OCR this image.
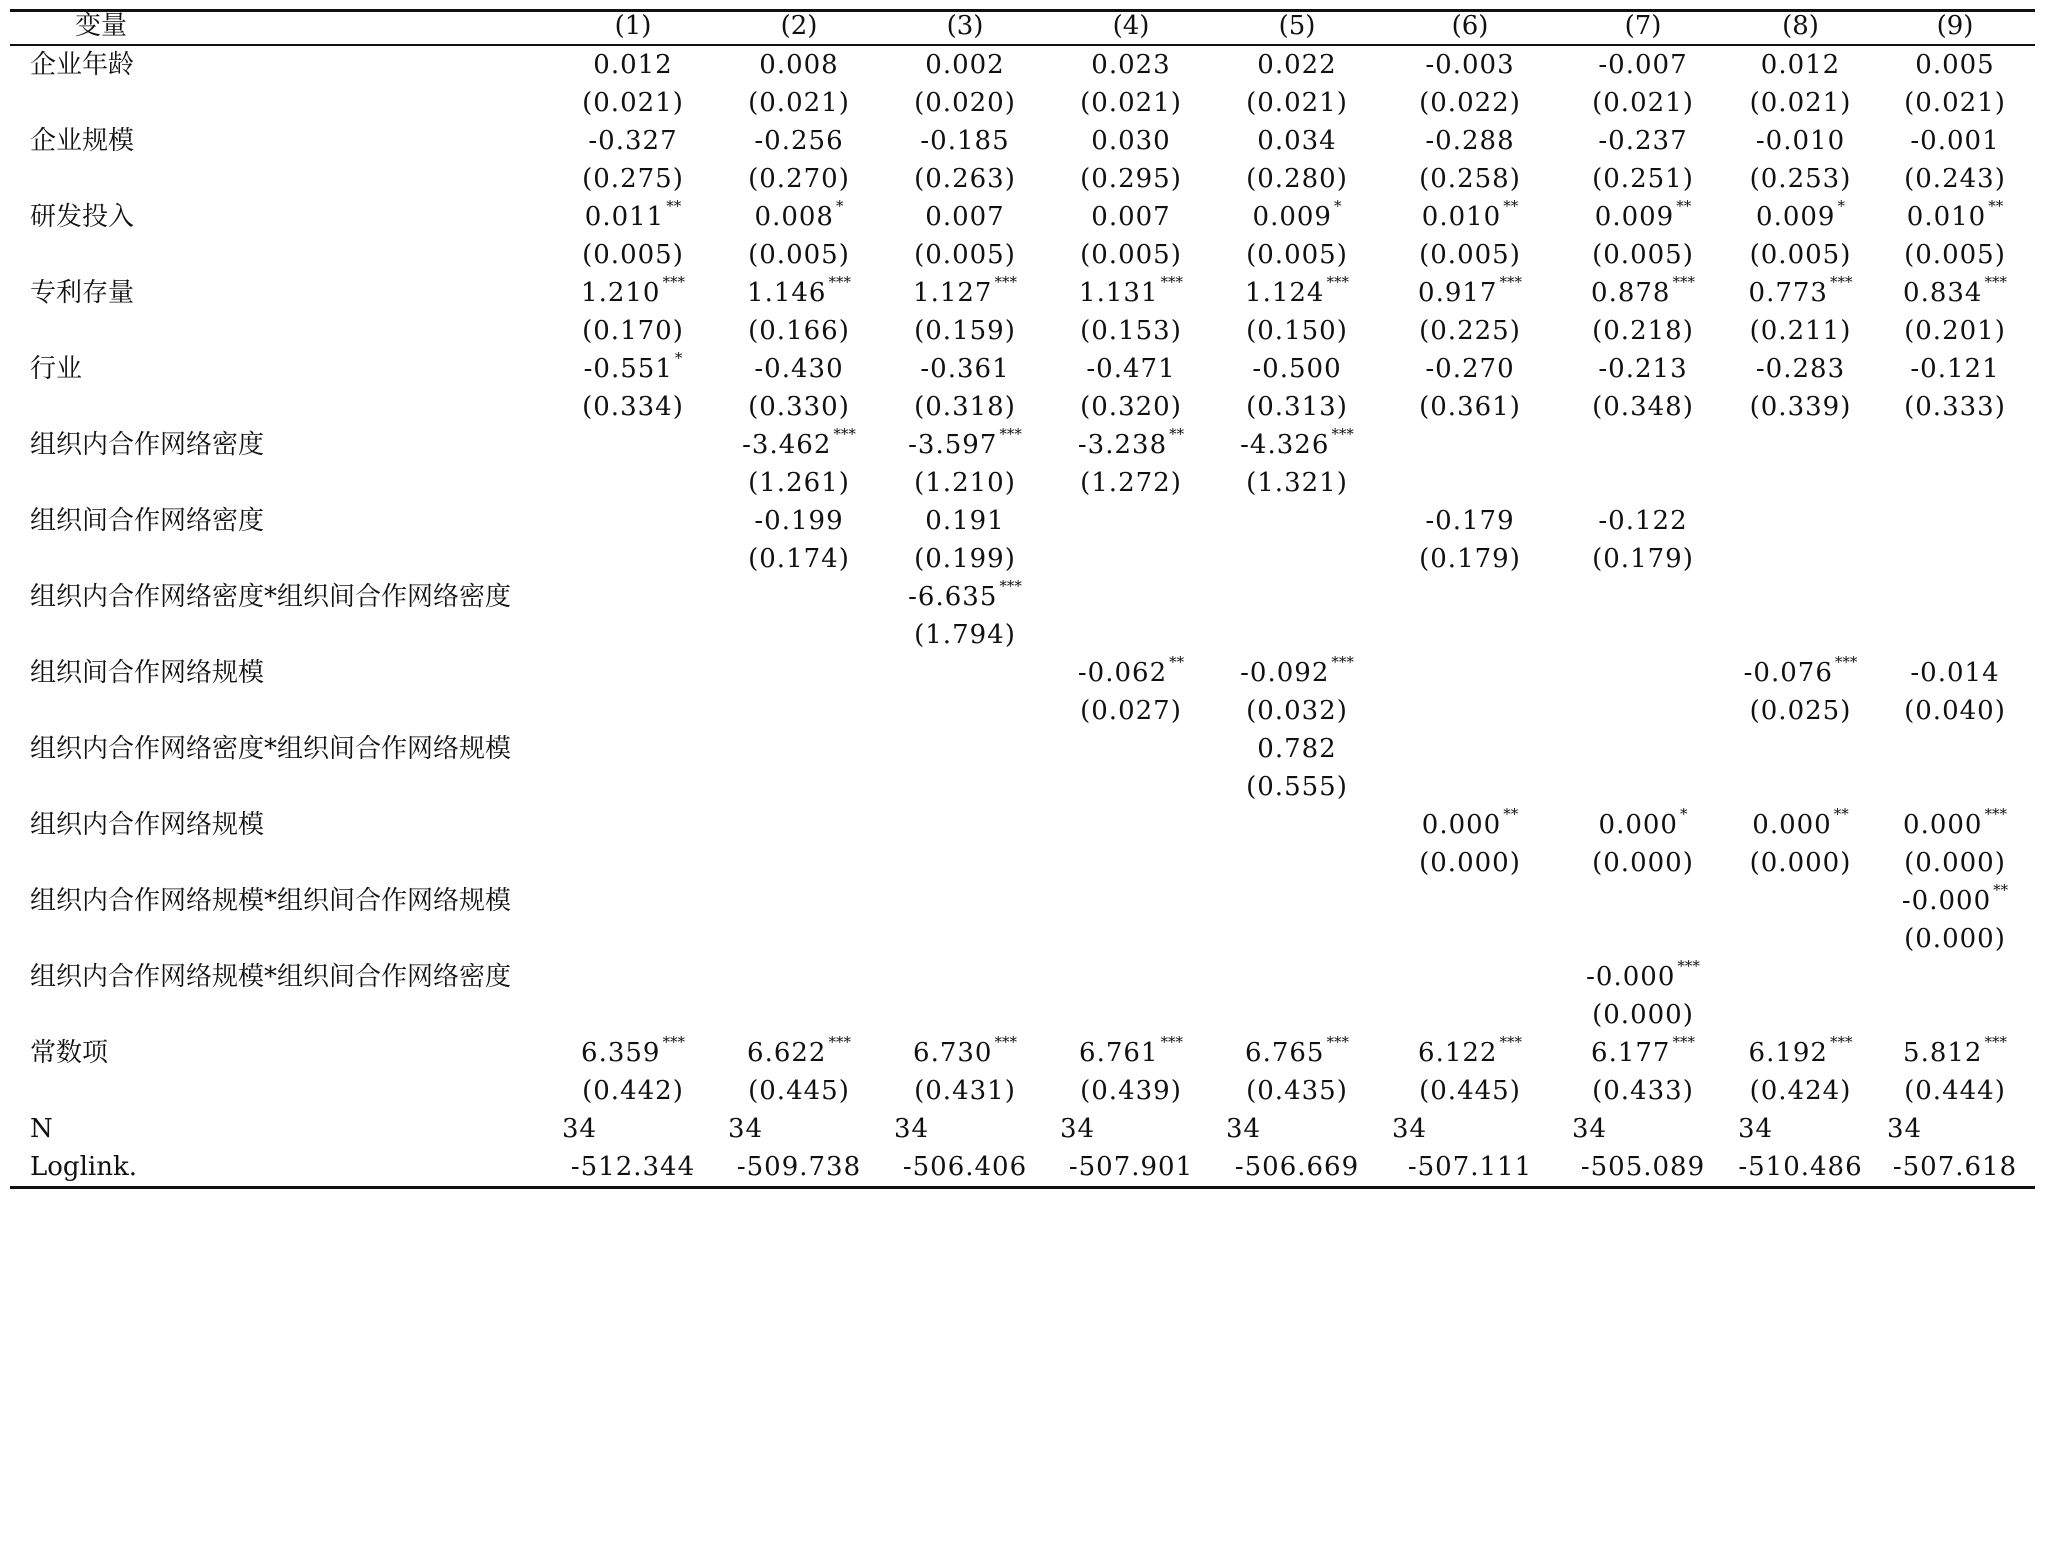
变量	(1)	(2)	(3)	(4)	(5)	(6)	(7)	(8)	(9)
企业年龄	0.012	0.008	0.002	0.023	0.022	-0.003	-0.007	0.012	0.005
	(0.021)	(0.021)	(0.020)	(0.021)	(0.021)	(0.022)	(0.021)	(0.021)	(0.021)
企业规模	-0.327	-0.256	-0.185	0.030	0.034	-0.288	-0.237	-0.010	-0.001
	(0.275)	(0.270)	(0.263)	(0.295)	(0.280)	(0.258)	(0.251)	(0.253)	(0.243)
研发投入	0.011 **	0.008 *	0.007	0.007	0.009 *	0.010 **	0.009 **	0.009 *	0.010 **
	(0.005)	(0.005)	(0.005)	(0.005)	(0.005)	(0.005)	(0.005)	(0.005)	(0.005)
专利存量	1.210 ***	1.146 ***	1.127 ***	1.131 ***	1.124 ***	0.917 ***	0.878 ***	0.773 ***	0.834 ***
	(0.170)	(0.166)	(0.159)	(0.153)	(0.150)	(0.225)	(0.218)	(0.211)	(0.201)
行业	-0.551 *	-0.430	-0.361	-0.471	-0.500	-0.270	-0.213	-0.283	-0.121
	(0.334)	(0.330)	(0.318)	(0.320)	(0.313)	(0.361)	(0.348)	(0.339)	(0.333)
组织内合作网络密度		-3.462 ***	-3.597 ***	-3.238 **	-4.326 ***				
		(1.261)	(1.210)	(1.272)	(1.321)				
组织间合作网络密度		-0.199	0.191			-0.179	-0.122		
		(0.174)	(0.199)			(0.179)	(0.179)		
组织内合作网络密度*组织间合作网络密度			-6.635 ***						
			(1.794)						
组织间合作网络规模				-0.062 **	-0.092 ***			-0.076 ***	-0.014
				(0.027)	(0.032)			(0.025)	(0.040)
组织内合作网络密度*组织间合作网络规模					0.782				
					(0.555)				
组织内合作网络规模						0.000 **	0.000 *	0.000 **	0.000 ***
						(0.000)	(0.000)	(0.000)	(0.000)
组织内合作网络规模*组织间合作网络规模									-0.000 **
									(0.000)
组织内合作网络规模*组织间合作网络密度							-0.000 ***		
							(0.000)		
常数项	6.359 ***	6.622 ***	6.730 ***	6.761 ***	6.765 ***	6.122 ***	6.177 ***	6.192 ***	5.812 ***
	(0.442)	(0.445)	(0.431)	(0.439)	(0.435)	(0.445)	(0.433)	(0.424)	(0.444)
N	34	34	34	34	34	34	34	34	34
Loglink.	-512.344	-509.738	-506.406	-507.901	-506.669	-507.111	-505.089	-510.486	-507.618
